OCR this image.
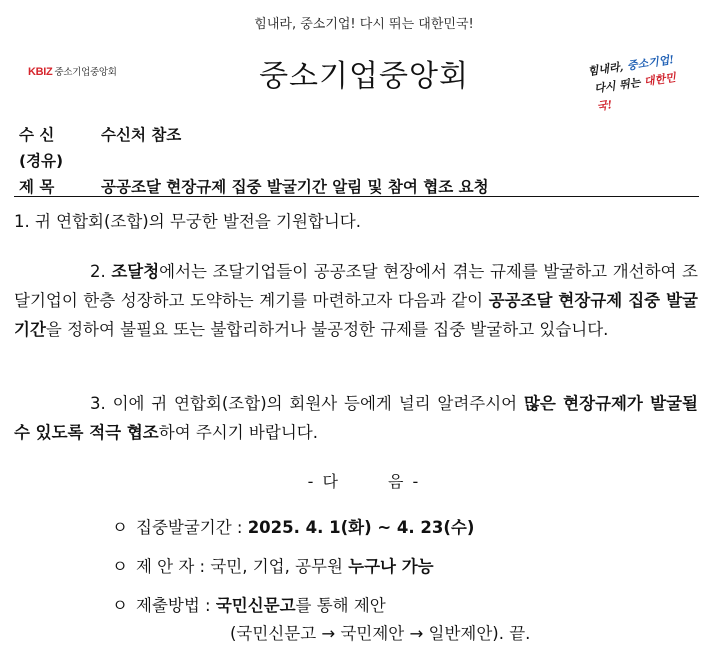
힘내라, 중소기업! 다시 뛰는 대한민국!
KBIZ 중소기업중앙회	중소기업중앙회	힘내라, 중소기업!
다시 뛰는 대한민국!
수 신	수신처 참조
(경유)
제 목	공공조달 현장규제 집중 발굴기간 알림 및 참여 협조 요청
1. 귀 연합회(조합)의 무궁한 발전을 기원합니다.
2. 조달청에서는 조달기업들이 공공조달 현장에서 겪는 규제를 발굴하고 개선하여 조달기업이 한층 성장하고 도약하는 계기를 마련하고자 다음과 같이 공공조달 현장규제 집중 발굴기간을 정하여 불필요 또는 불합리하거나 불공정한 규제를 집중 발굴하고 있습니다.
3. 이에 귀 연합회(조합)의 회원사 등에게 널리 알려주시어 많은 현장규제가 발굴될 수 있도록 적극 협조하여 주시기 바랍니다.
- 다	음 -
ㅇ 집중발굴기간 : 2025. 4. 1(화) ~ 4. 23(수)
ㅇ 제 안 자 : 국민, 기업, 공무원 누구나 가능
ㅇ 제출방법 : 국민신문고를 통해 제안
(국민신문고 → 국민제안 → 일반제안). 끝.
